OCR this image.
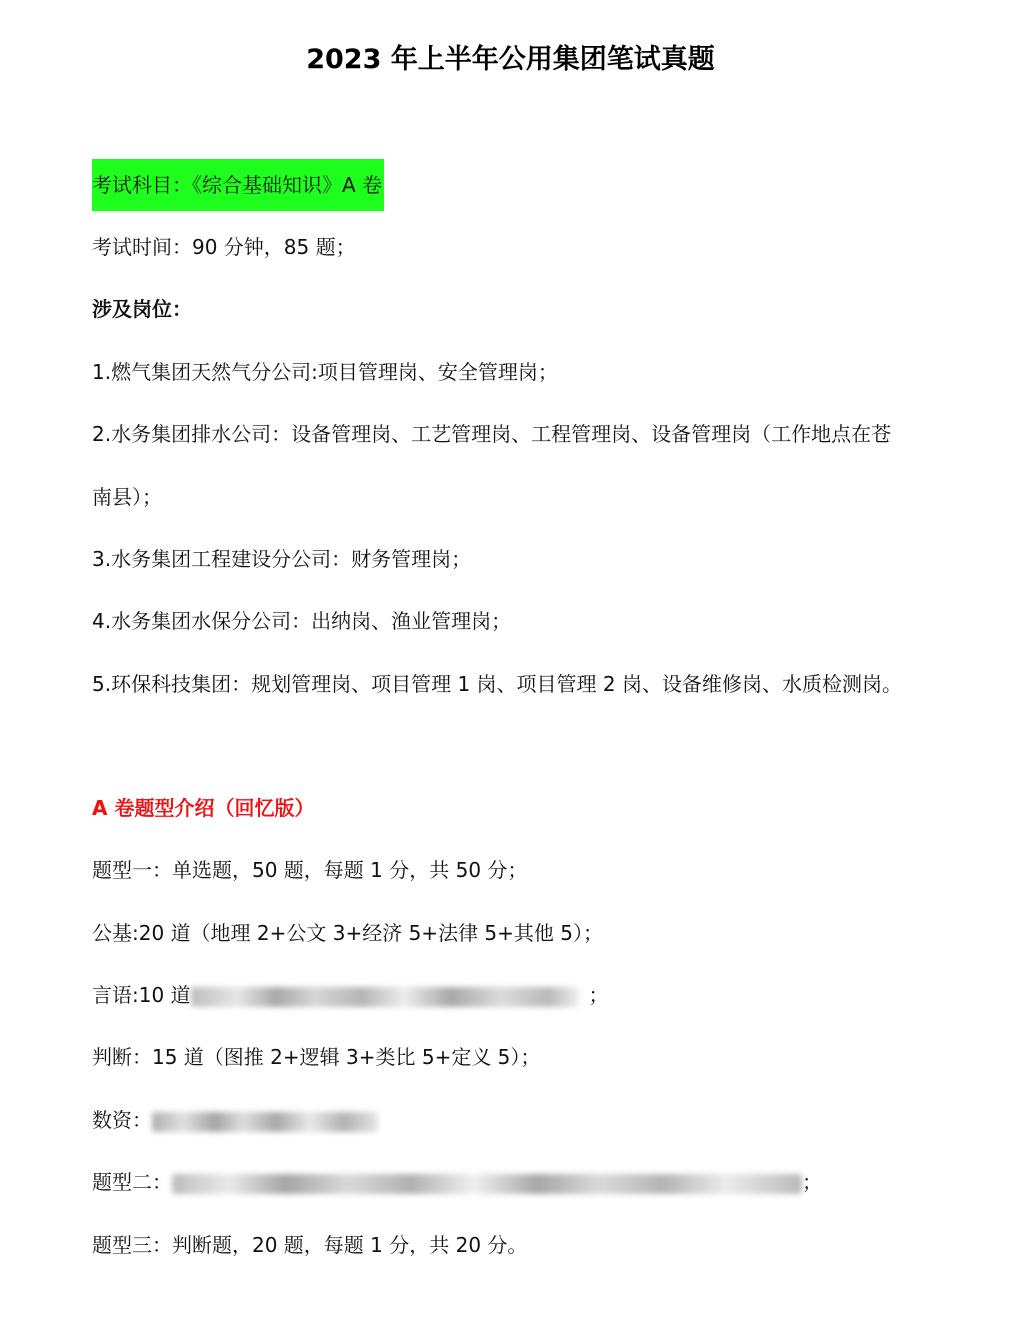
2023 年上半年公用集团笔试真题
考试科目：《综合基础知识》A 卷
考试时间：90 分钟，85 题；
涉及岗位：
1.燃气集团天然气分公司:项目管理岗、安全管理岗；
2.水务集团排水公司：设备管理岗、工艺管理岗、工程管理岗、设备管理岗（工作地点在苍
南县）；
3.水务集团工程建设分公司：财务管理岗；
4.水务集团水保分公司：出纳岗、渔业管理岗；
5.环保科技集团：规划管理岗、项目管理 1 岗、项目管理 2 岗、设备维修岗、水质检测岗。
A 卷题型介绍（回忆版）
题型一：单选题，50 题，每题 1 分，共 50 分；
公基:20 道（地理 2+公文 3+经济 5+法律 5+其他 5）；
言语:10 道	；
判断：15 道（图推 2+逻辑 3+类比 5+定义 5）；
数资：
题型二：	；
题型三：判断题，20 题，每题 1 分，共 20 分。
